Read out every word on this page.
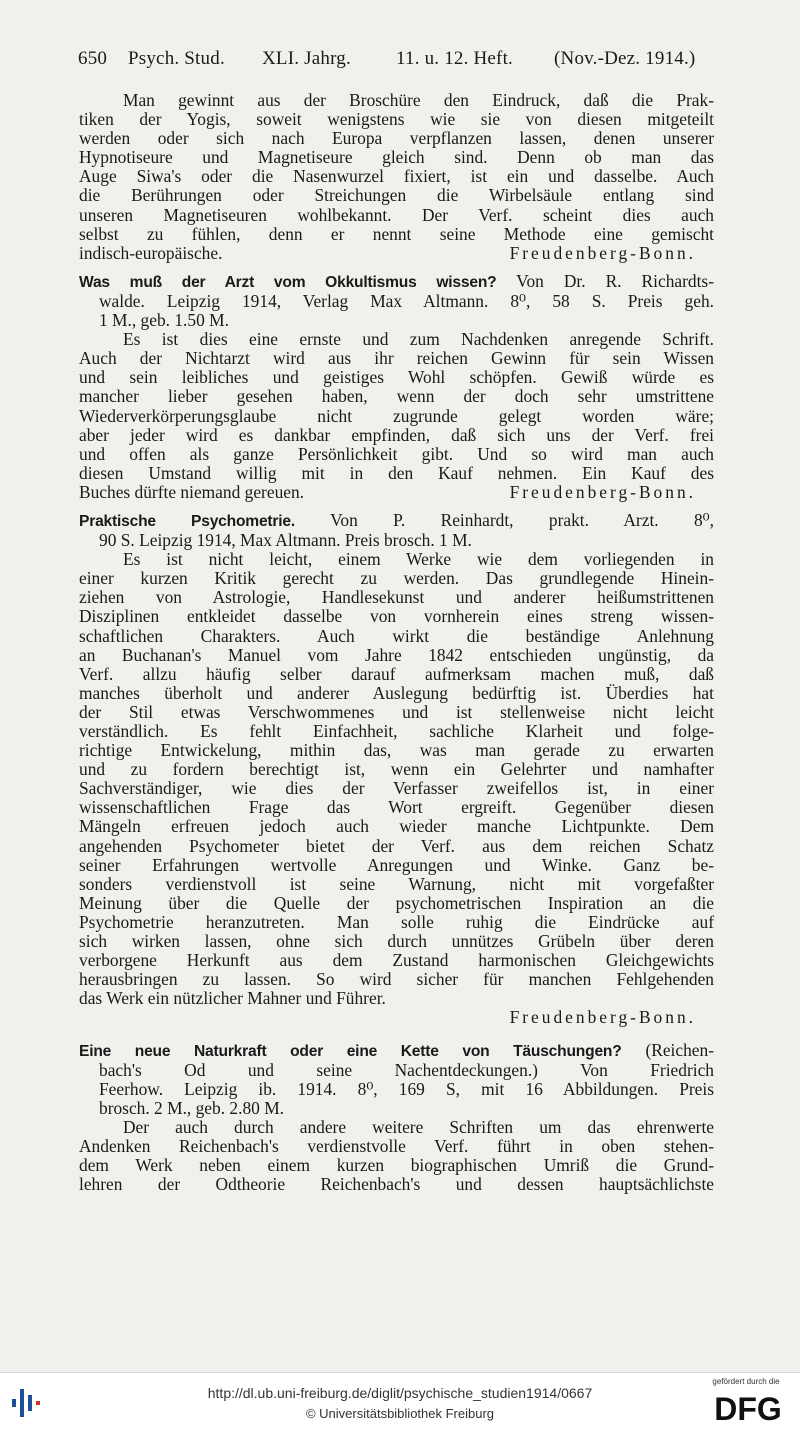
650 Psych. Stud. XLI. Jahrg. 11. u. 12. Heft. (Nov.-Dez. 1914.)
Man gewinnt aus der Broschüre den Eindruck, daß die Prak-
tiken der Yogis, soweit wenigstens wie sie von diesen mitgeteilt
werden oder sich nach Europa verpflanzen lassen, denen unserer
Hypnotiseure und Magnetiseure gleich sind. Denn ob man das
Auge Siwa's oder die Nasenwurzel fixiert, ist ein und dasselbe. Auch
die Berührungen oder Streichungen die Wirbelsäule entlang sind
unseren Magnetiseuren wohlbekannt. Der Verf. scheint dies auch
selbst zu fühlen, denn er nennt seine Methode eine gemischt
indisch-europäische.	Freudenberg-Bonn.
Was muß der Arzt vom Okkultismus wissen? Von Dr. R. Richardts-
walde. Leipzig 1914, Verlag Max Altmann. 8⁰, 58 S. Preis geh.
1 M., geb. 1.50 M.
Es ist dies eine ernste und zum Nachdenken anregende Schrift.
Auch der Nichtarzt wird aus ihr reichen Gewinn für sein Wissen
und sein leibliches und geistiges Wohl schöpfen. Gewiß würde es
mancher lieber gesehen haben, wenn der doch sehr umstrittene
Wiederverkörperungsglaube nicht zugrunde gelegt worden wäre;
aber jeder wird es dankbar empfinden, daß sich uns der Verf. frei
und offen als ganze Persönlichkeit gibt. Und so wird man auch
diesen Umstand willig mit in den Kauf nehmen. Ein Kauf des
Buches dürfte niemand gereuen.	Freudenberg-Bonn.
Praktische Psychometrie. Von P. Reinhardt, prakt. Arzt. 8⁰,
90 S. Leipzig 1914, Max Altmann. Preis brosch. 1 M.
Es ist nicht leicht, einem Werke wie dem vorliegenden in
einer kurzen Kritik gerecht zu werden. Das grundlegende Hinein-
ziehen von Astrologie, Handlesekunst und anderer heißumstrittenen
Disziplinen entkleidet dasselbe von vornherein eines streng wissen-
schaftlichen Charakters. Auch wirkt die beständige Anlehnung
an Buchanan's Manuel vom Jahre 1842 entschieden ungünstig, da
Verf. allzu häufig selber darauf aufmerksam machen muß, daß
manches überholt und anderer Auslegung bedürftig ist. Überdies hat
der Stil etwas Verschwommenes und ist stellenweise nicht leicht
verständlich. Es fehlt Einfachheit, sachliche Klarheit und folge-
richtige Entwickelung, mithin das, was man gerade zu erwarten
und zu fordern berechtigt ist, wenn ein Gelehrter und namhafter
Sachverständiger, wie dies der Verfasser zweifellos ist, in einer
wissenschaftlichen Frage das Wort ergreift. Gegenüber diesen
Mängeln erfreuen jedoch auch wieder manche Lichtpunkte. Dem
angehenden Psychometer bietet der Verf. aus dem reichen Schatz
seiner Erfahrungen wertvolle Anregungen und Winke. Ganz be-
sonders verdienstvoll ist seine Warnung, nicht mit vorgefaßter
Meinung über die Quelle der psychometrischen Inspiration an die
Psychometrie heranzutreten. Man solle ruhig die Eindrücke auf
sich wirken lassen, ohne sich durch unnützes Grübeln über deren
verborgene Herkunft aus dem Zustand harmonischen Gleichgewichts
herausbringen zu lassen. So wird sicher für manchen Fehlgehenden
das Werk ein nützlicher Mahner und Führer.
Freudenberg-Bonn.
Eine neue Naturkraft oder eine Kette von Täuschungen? (Reichen-
bach's Od und seine Nachentdeckungen.) Von Friedrich
Feerhow. Leipzig ib. 1914. 8⁰, 169 S, mit 16 Abbildungen. Preis
brosch. 2 M., geb. 2.80 M.
Der auch durch andere weitere Schriften um das ehrenwerte
Andenken Reichenbach's verdienstvolle Verf. führt in oben stehen-
dem Werk neben einem kurzen biographischen Umriß die Grund-
lehren der Odtheorie Reichenbach's und dessen hauptsächlichste
http://dl.ub.uni-freiburg.de/diglit/psychische_studien1914/0667
© Universitätsbibliothek Freiburg
gefördert durch die
DFG
